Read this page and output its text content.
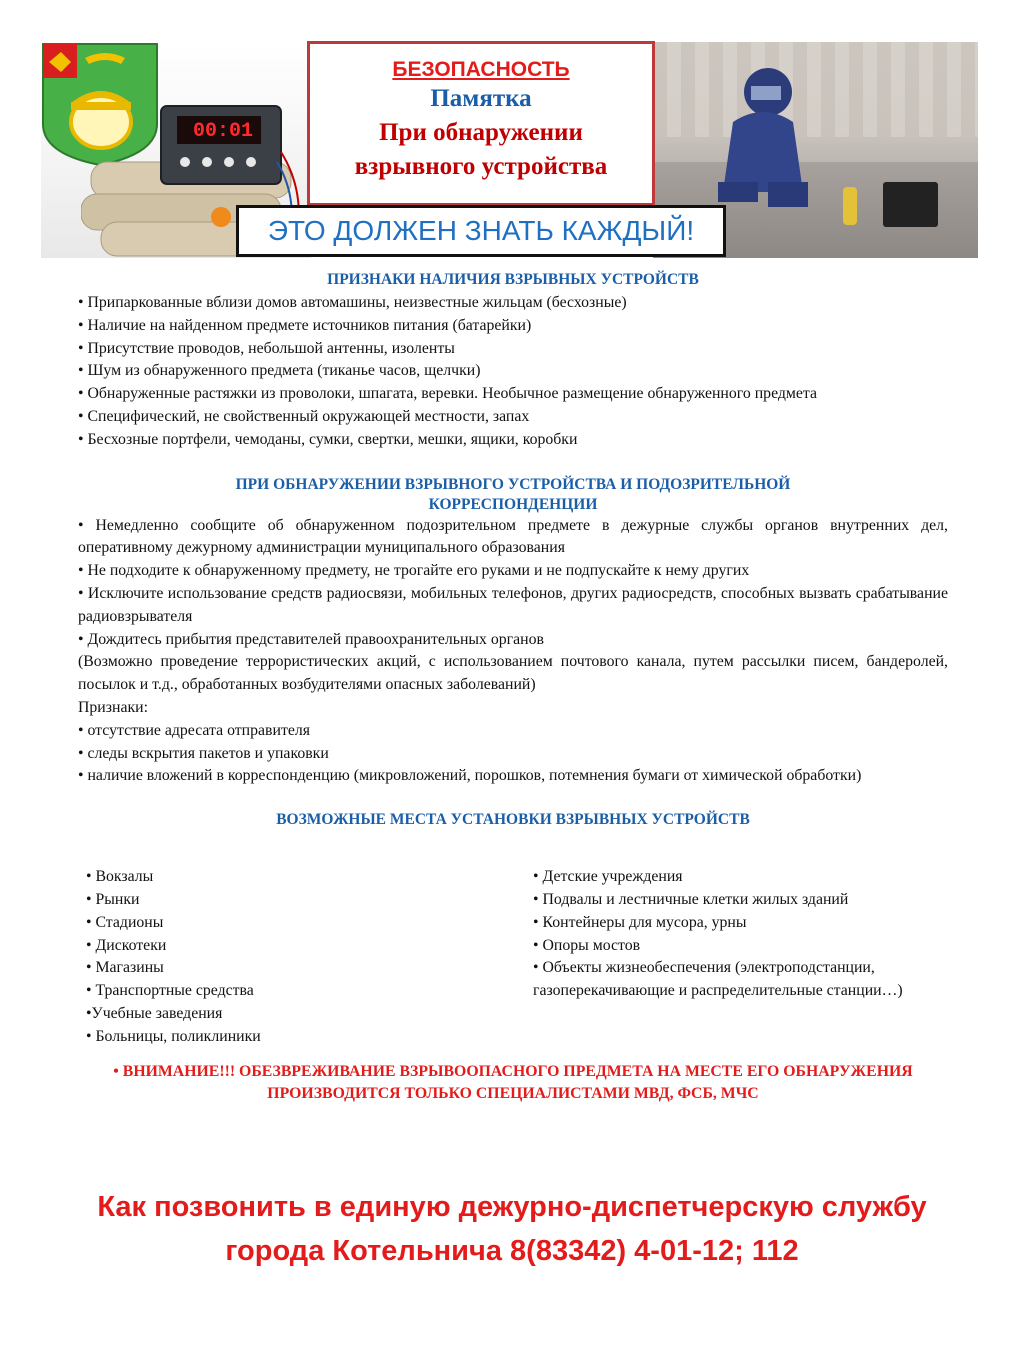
00:01
БЕЗОПАСНОСТЬ
Памятка
При обнаружении
взрывного устройства
ЭТО ДОЛЖЕН ЗНАТЬ КАЖДЫЙ!
ПРИЗНАКИ НАЛИЧИЯ ВЗРЫВНЫХ УСТРОЙСТВ

• Припаркованные вблизи домов автомашины, неизвестные жильцам (бесхозные)

• Наличие на найденном предмете источников питания (батарейки)

• Присутствие проводов, небольшой антенны, изоленты

• Шум из обнаруженного предмета (тиканье часов, щелчки)

• Обнаруженные растяжки из проволоки, шпагата, веревки. Необычное размещение обнаруженного предмета

• Специфический, не свойственный окружающей местности, запах

• Бесхозные портфели, чемоданы, сумки, свертки, мешки, ящики, коробки

ПРИ ОБНАРУЖЕНИИ ВЗРЫВНОГО УСТРОЙСТВА И ПОДОЗРИТЕЛЬНОЙ КОРРЕСПОНДЕНЦИИ

• Немедленно сообщите об обнаруженном подозрительном предмете в дежурные службы органов внутренних дел, оперативному дежурному администрации муниципального образования

• Не подходите к обнаруженному предмету, не трогайте его руками и не подпускайте к нему других

• Исключите использование средств радиосвязи, мобильных телефонов, других радиосредств, способных вызвать срабатывание радиовзрывателя

• Дождитесь прибытия представителей правоохранительных органов

(Возможно проведение террористических акций, с использованием почтового канала, путем рассылки писем, бандеролей, посылок и т.д., обработанных возбудителями опасных заболеваний)

Признаки:

• отсутствие адресата отправителя

• следы вскрытия пакетов и упаковки

• наличие вложений в корреспонденцию (микровложений, порошков, потемнения бумаги от химической обработки)

ВОЗМОЖНЫЕ МЕСТА УСТАНОВКИ ВЗРЫВНЫХ УСТРОЙСТВ
• Вокзалы
• Рынки
• Стадионы
• Дискотеки
• Магазины
• Транспортные средства
•Учебные заведения
• Больницы, поликлиники
• Детские учреждения
• Подвалы и лестничные клетки жилых зданий
• Контейнеры для мусора, урны
• Опоры мостов
• Объекты жизнеобеспечения (электроподстанции, газоперекачивающие и распределительные станции…)
• ВНИМАНИЕ!!! ОБЕЗВРЕЖИВАНИЕ ВЗРЫВООПАСНОГО ПРЕДМЕТА НА МЕСТЕ ЕГО ОБНАРУЖЕНИЯ ПРОИЗВОДИТСЯ ТОЛЬКО СПЕЦИАЛИСТАМИ МВД, ФСБ, МЧС
Как позвонить в единую дежурно-диспетчерскую службу
города Котельнича 8(83342) 4-01-12; 112
